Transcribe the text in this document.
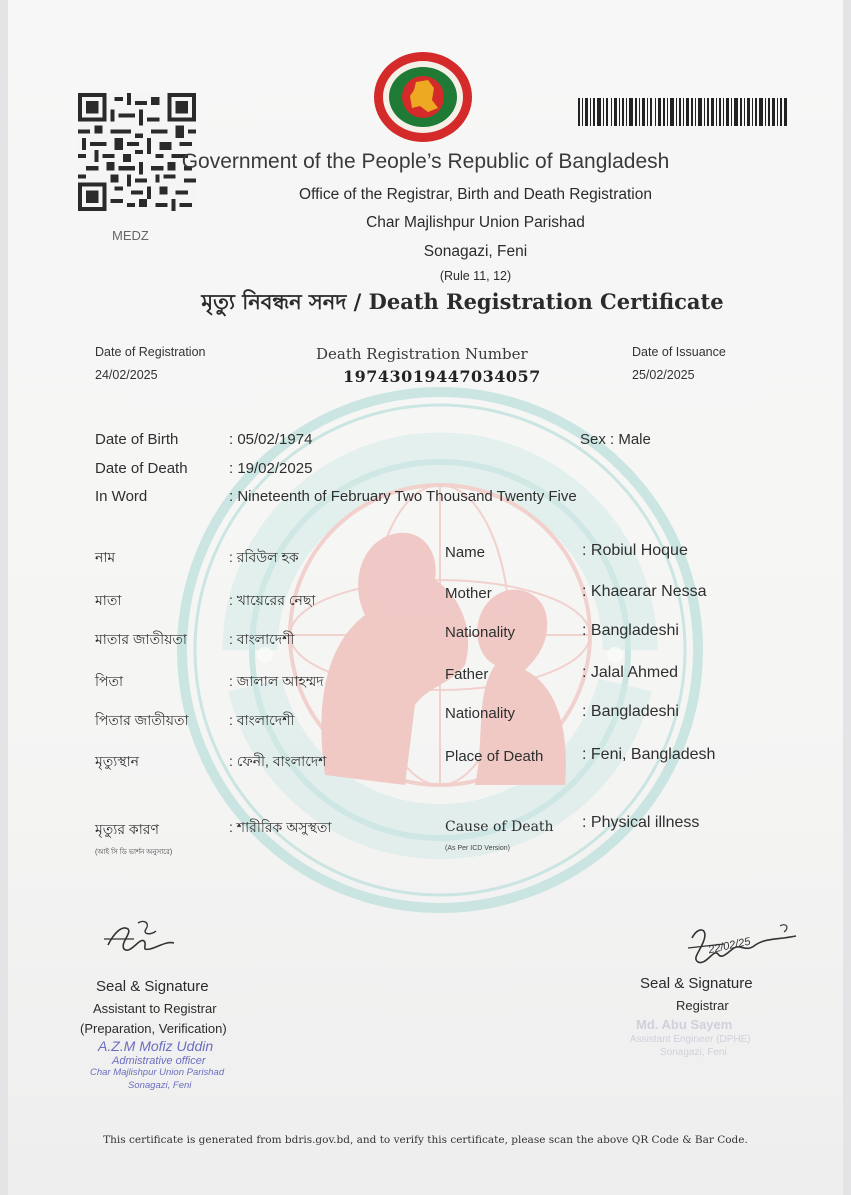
MEDZ
Government of the People’s Republic of Bangladesh
Office of the Registrar, Birth and Death Registration
Char Majlishpur Union Parishad
Sonagazi, Feni
(Rule 11, 12)
মৃত্যু নিবন্ধন সনদ / Death Registration Certificate
Date of Registration
24/02/2025
Death Registration Number
19743019447034057
Date of Issuance
25/02/2025
Date of Birth	: 05/02/1974	Sex : Male
Date of Death	: 19/02/2025
In Word	: Nineteenth of February Two Thousand Twenty Five
নাম	: রবিউল হক
মাতা	: খায়েরের নেছা
মাতার জাতীয়তা	: বাংলাদেশী
পিতা	: জালাল আহম্মদ
পিতার জাতীয়তা	: বাংলাদেশী
মৃত্যুস্থান	: ফেনী, বাংলাদেশ
মৃত্যুর কারণ
(আই সি ডি ভার্শন অনুসারে)
: শারীরিক অসুস্থতা
Name	: Robiul Hoque
Mother	: Khaearar Nessa
Nationality	: Bangladeshi
Father	: Jalal Ahmed
Nationality	: Bangladeshi
Place of Death : Feni, Bangladesh
Cause of Death
(As Per ICD Version)
: Physical illness
Seal & Signature
Assistant to Registrar
(Preparation, Verification)
A.Z.M Mofiz Uddin
Admistrative officer
Char Majlishpur Union Parishad
Sonagazi, Feni
22/02/25
Seal & Signature
Registrar
Md. Abu Sayem
Assistant Engineer (DPHE)
Sonagazi, Feni
This certificate is generated from bdris.gov.bd, and to verify this certificate, please scan the above QR Code & Bar Code.
